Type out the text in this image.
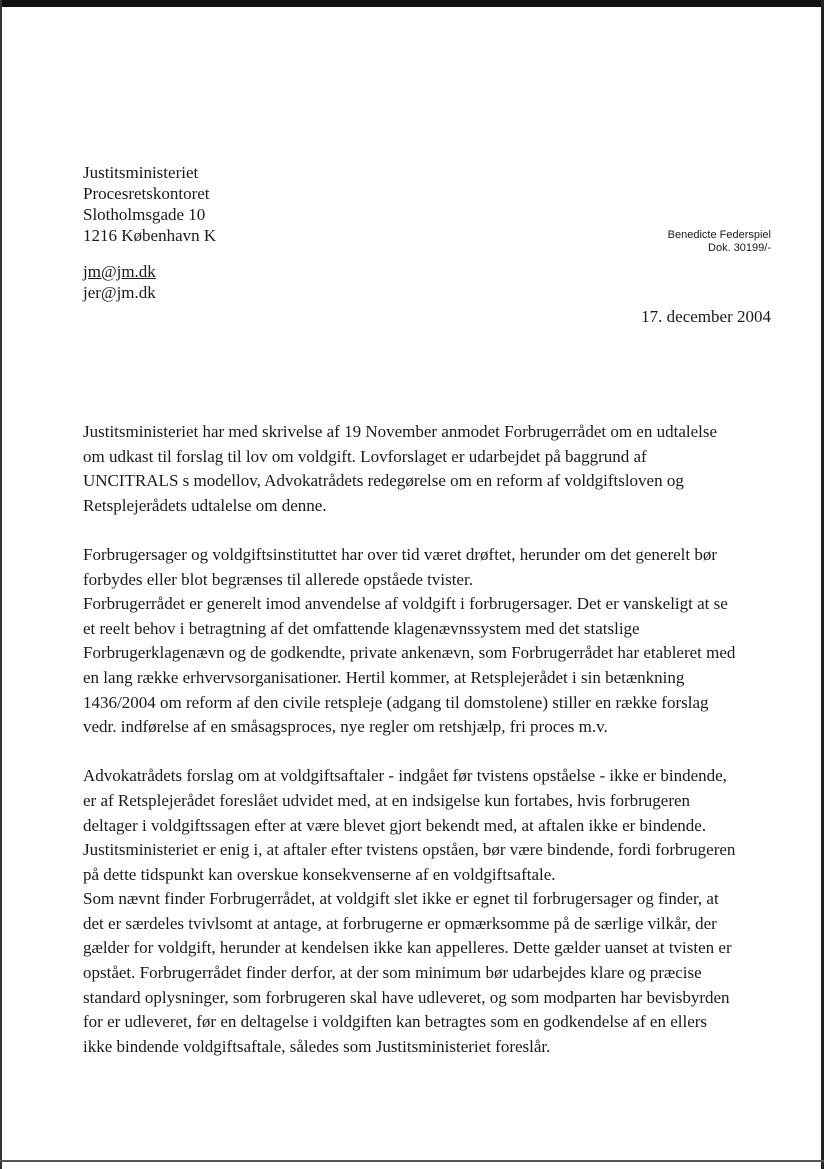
Justitsministeriet
Procesretskontoret
Slotholmsgade 10
1216 København K
jm@jm.dk
jer@jm.dk
Benedicte Federspiel
Dok. 30199/-
17. december 2004

Justitsministeriet har med skrivelse af 19 November anmodet Forbrugerrådet om en udtalelse
om udkast til forslag til lov om voldgift. Lovforslaget er udarbejdet på baggrund af
UNCITRALS s modellov, Advokatrådets redegørelse om en reform af voldgiftsloven og
Retsplejerådets udtalelse om denne.

Forbrugersager og voldgiftsinstituttet har over tid været drøftet, herunder om det generelt bør
forbydes eller blot begrænses til allerede opståede tvister.
Forbrugerrådet er generelt imod anvendelse af voldgift i forbrugersager. Det er vanskeligt at se
et reelt behov i betragtning af det omfattende klagenævnssystem med det statslige
Forbrugerklagenævn og de godkendte, private ankenævn, som Forbrugerrådet har etableret med
en lang række erhvervsorganisationer. Hertil kommer, at Retsplejerådet i sin betænkning
1436/2004 om reform af den civile retspleje (adgang til domstolene) stiller en række forslag
vedr. indførelse af en småsagsproces, nye regler om retshjælp, fri proces m.v.

Advokatrådets forslag om at voldgiftsaftaler - indgået før tvistens opståelse - ikke er bindende,
er af Retsplejerådet foreslået udvidet med, at en indsigelse kun fortabes, hvis forbrugeren
deltager i voldgiftssagen efter at være blevet gjort bekendt med, at aftalen ikke er bindende.
Justitsministeriet er enig i, at aftaler efter tvistens opståen, bør være bindende, fordi forbrugeren
på dette tidspunkt kan overskue konsekvenserne af en voldgiftsaftale.
Som nævnt finder Forbrugerrådet, at voldgift slet ikke er egnet til forbrugersager og finder, at
det er særdeles tvivlsomt at antage, at forbrugerne er opmærksomme på de særlige vilkår, der
gælder for voldgift, herunder at kendelsen ikke kan appelleres. Dette gælder uanset at tvisten er
opstået. Forbrugerrådet finder derfor, at der som minimum bør udarbejdes klare og præcise
standard oplysninger, som forbrugeren skal have udleveret, og som modparten har bevisbyrden
for er udleveret, før en deltagelse i voldgiften kan betragtes som en godkendelse af en ellers
ikke bindende voldgiftsaftale, således som Justitsministeriet foreslår.
